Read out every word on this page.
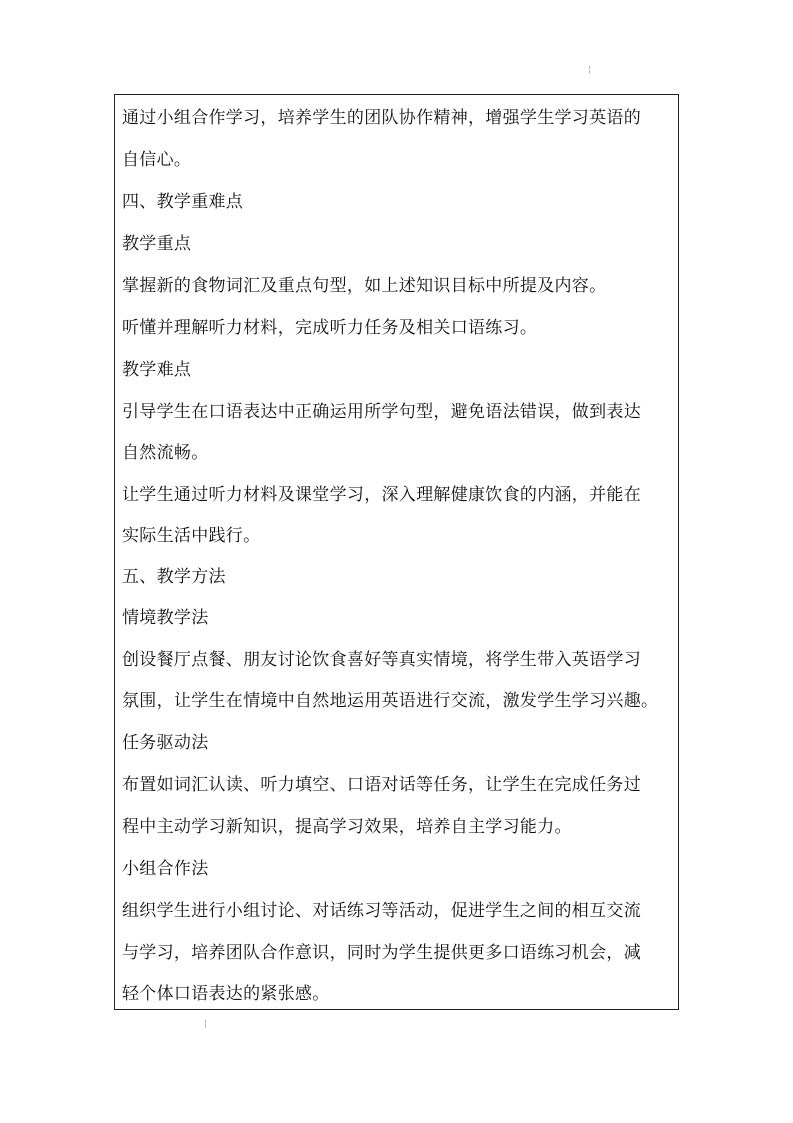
¦
通过小组合作学习，培养学生的团队协作精神，增强学生学习英语的
自信心。
四、教学重难点
教学重点
掌握新的食物词汇及重点句型，如上述知识目标中所提及内容。
听懂并理解听力材料，完成听力任务及相关口语练习。
教学难点
引导学生在口语表达中正确运用所学句型，避免语法错误，做到表达
自然流畅。
让学生通过听力材料及课堂学习，深入理解健康饮食的内涵，并能在
实际生活中践行。
五、教学方法
情境教学法
创设餐厅点餐、朋友讨论饮食喜好等真实情境，将学生带入英语学习
氛围，让学生在情境中自然地运用英语进行交流，激发学生学习兴趣。
任务驱动法
布置如词汇认读、听力填空、口语对话等任务，让学生在完成任务过
程中主动学习新知识，提高学习效果，培养自主学习能力。
小组合作法
组织学生进行小组讨论、对话练习等活动，促进学生之间的相互交流
与学习，培养团队合作意识，同时为学生提供更多口语练习机会，减
轻个体口语表达的紧张感。
¦
